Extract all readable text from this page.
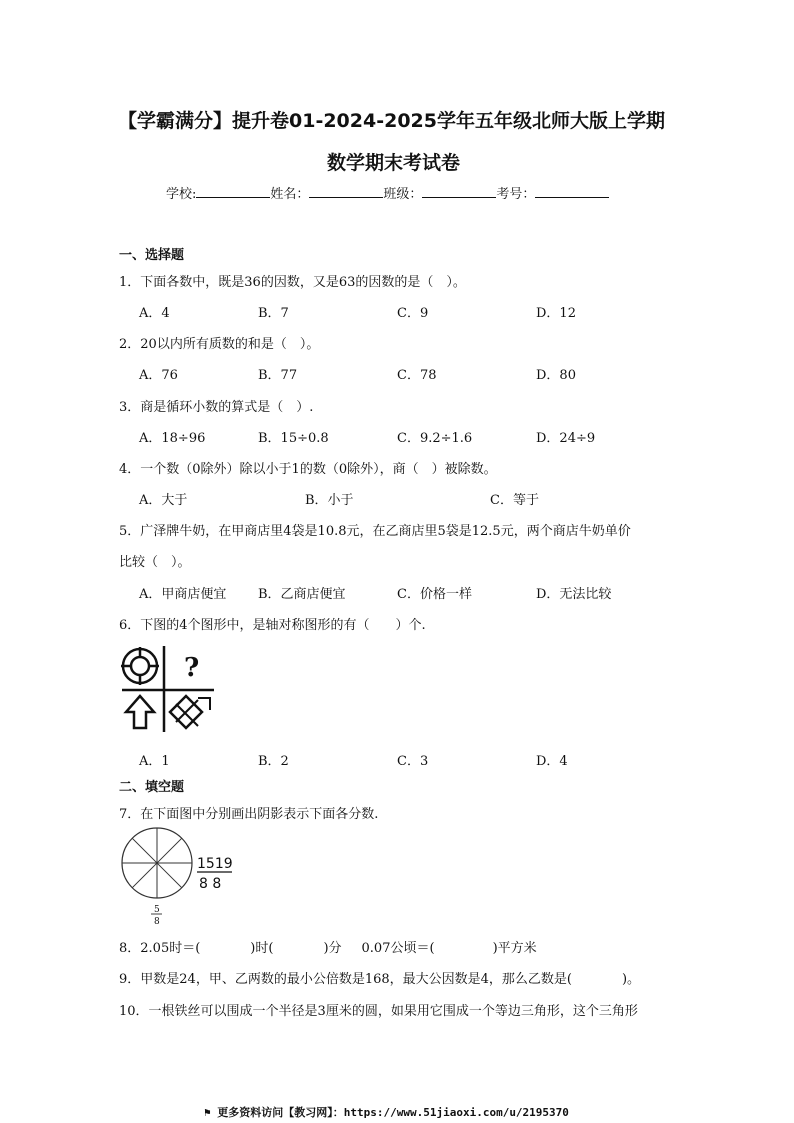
【学霸满分】提升卷01-2024-2025学年五年级北师大版上学期
数学期末考试卷
学校:	姓名：	班级：	考号：
一、选择题
1．下面各数中，既是36的因数，又是63的因数的是（　）。
A．4	B．7	C．9	D．12
2．20以内所有质数的和是（　）。
A．76	B．77	C．78	D．80
3．商是循环小数的算式是（　）.
A．18÷96	B．15÷0.8	C．9.2÷1.6	D．24÷9
4．一个数（0除外）除以小于1的数（0除外），商（　）被除数。
A．大于	B．小于	C．等于
5．广泽牌牛奶，在甲商店里4袋是10.8元，在乙商店里5袋是12.5元，两个商店牛奶单价
比较（　）。
A．甲商店便宜 B．乙商店便宜	C．价格一样	D．无法比较
6．下图的4个图形中，是轴对称图形的有（　　）个.
?
A．1	B．2	C．3	D．4
二、填空题
7．在下面图中分别画出阴影表示下面各分数.
1519
8 8
5
8
8．2.05时＝(	)时(	)分 0.07公顷＝(	)平方米
9．甲数是24，甲、乙两数的最小公倍数是168，最大公因数是4，那么乙数是(	)。
10．一根铁丝可以围成一个半径是3厘米的圆，如果用它围成一个等边三角形，这个三角形
⚑ 更多资料访问【教习网】：https://www.51jiaoxi.com/u/2195370
